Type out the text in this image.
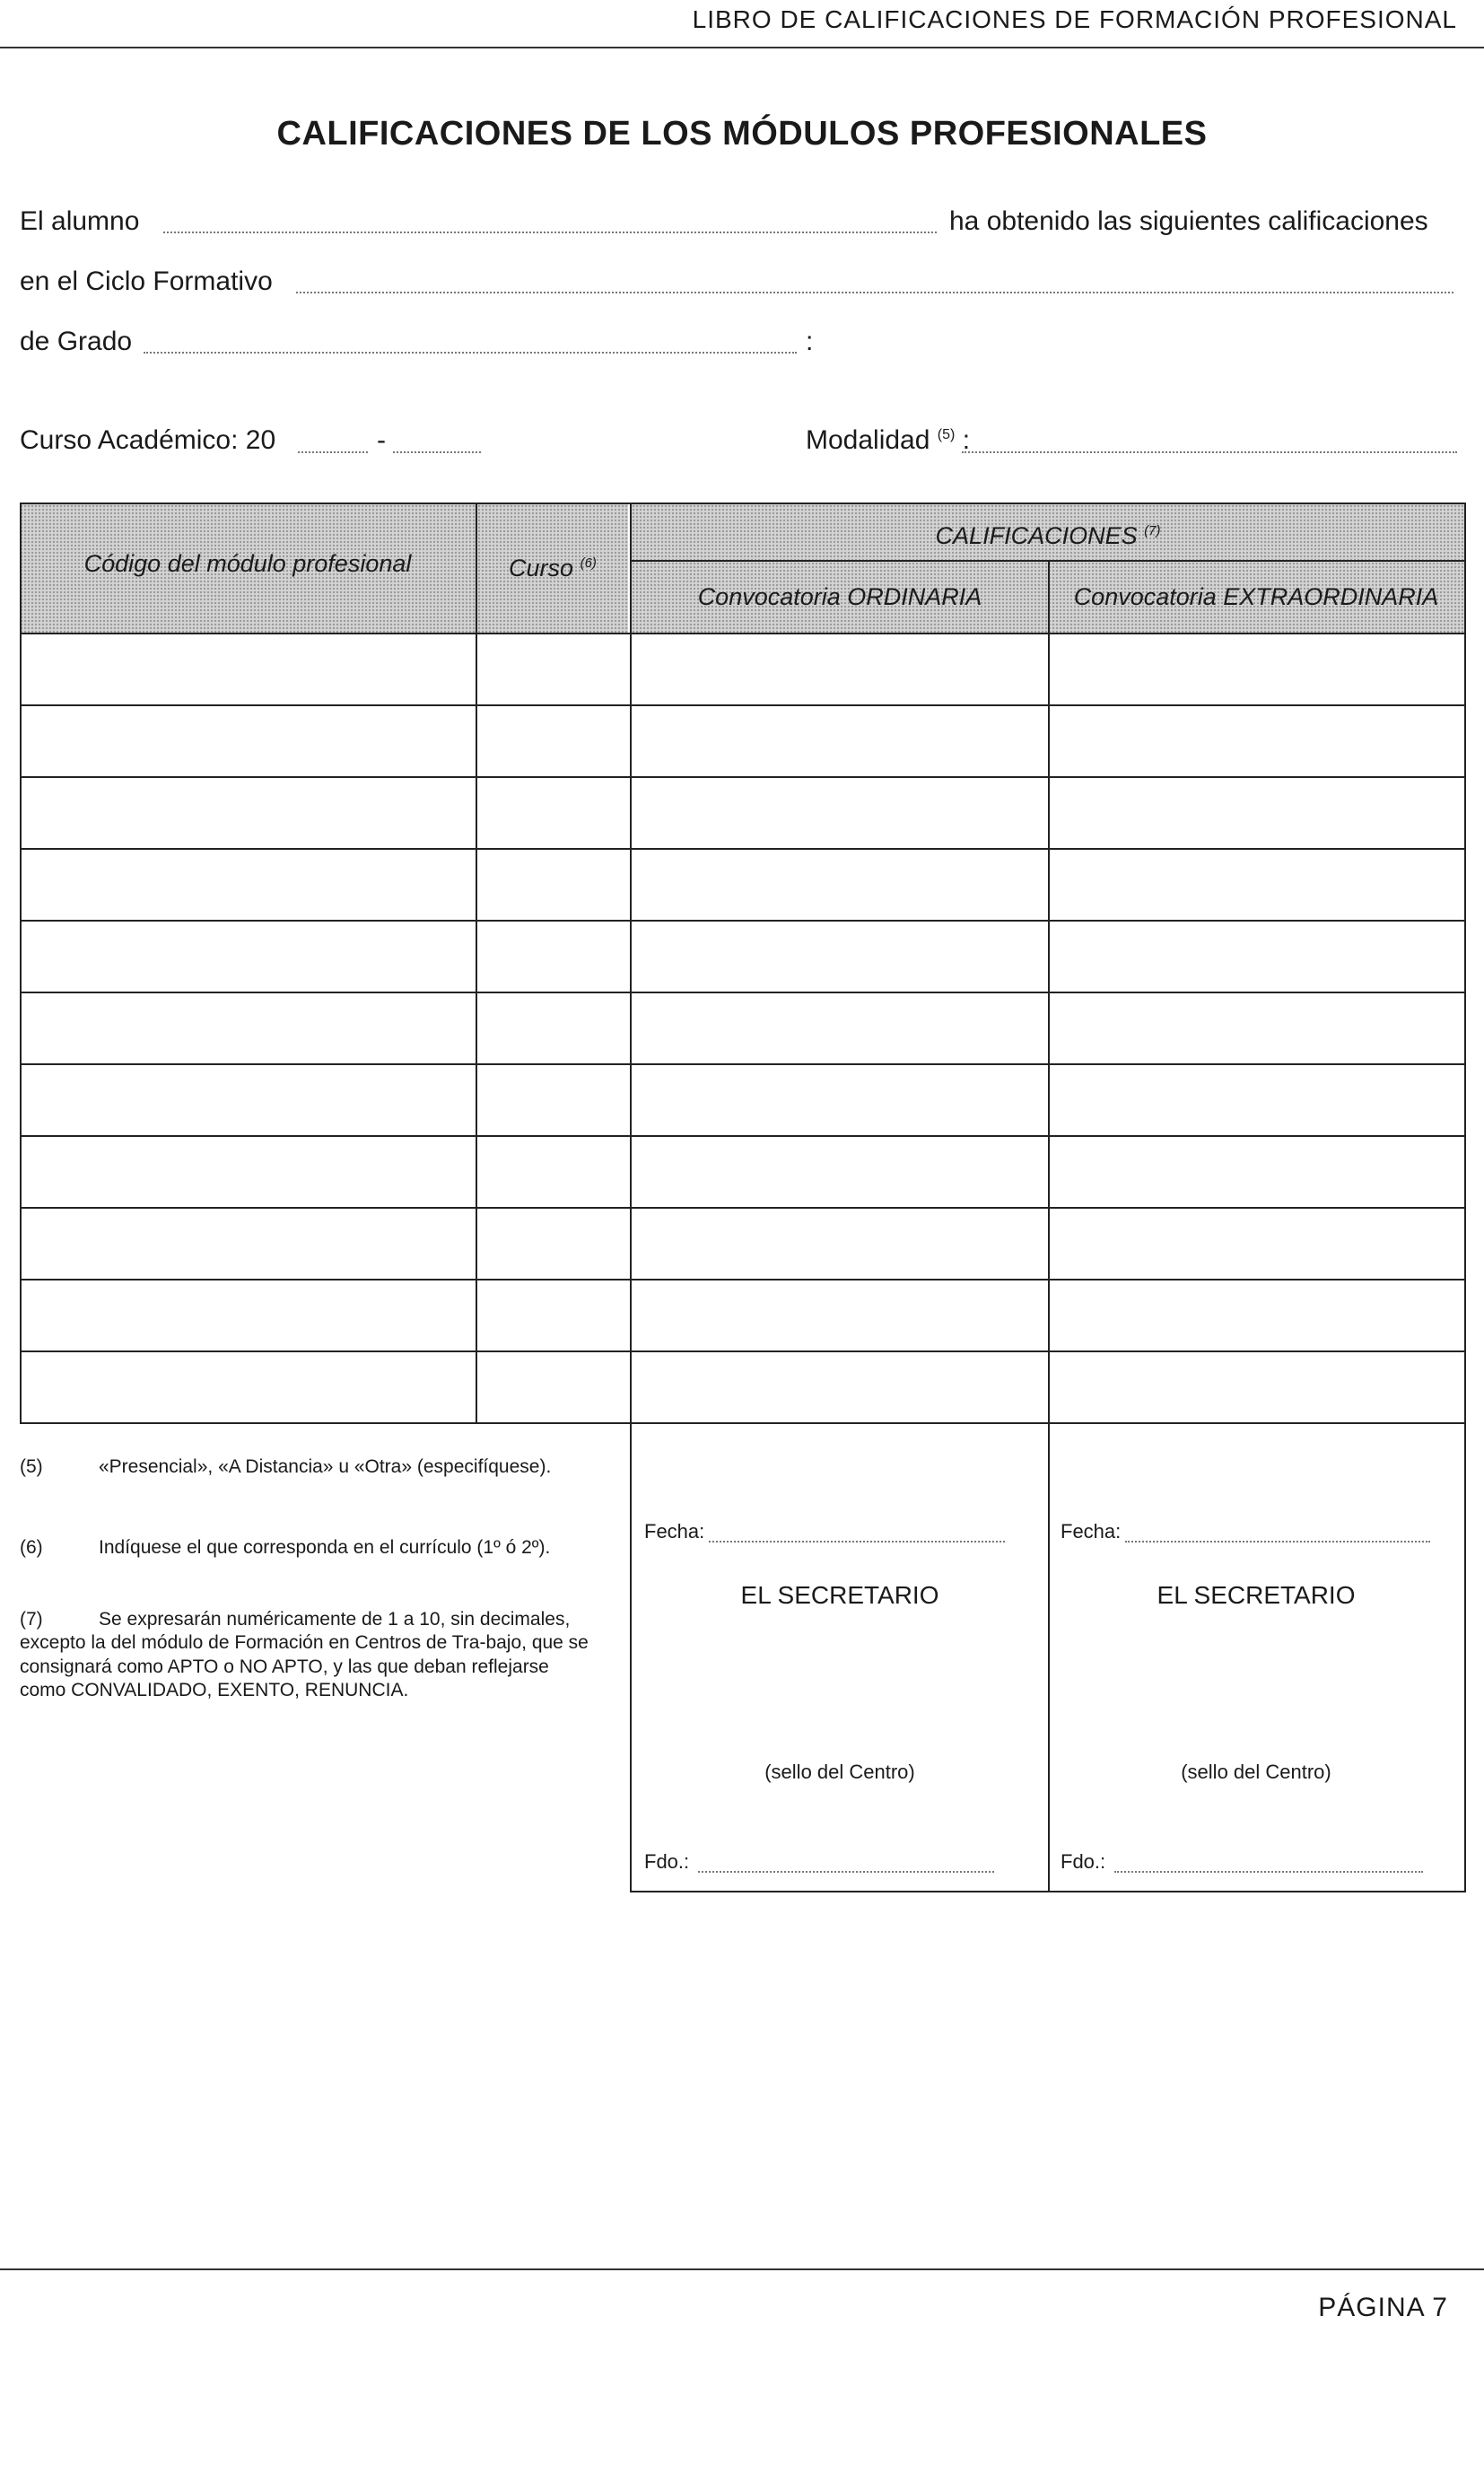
LIBRO DE CALIFICACIONES DE FORMACIÓN PROFESIONAL
CALIFICACIONES DE LOS MÓDULOS PROFESIONALES
El alumno	ha obtenido las siguientes calificaciones
en el Ciclo Formativo
de Grado	:
Curso Académico: 20	-	Modalidad $^{(5)}$ :
Código del módulo profesional	Curso $^{(6)}$
CALIFICACIONES $^{(7)}$
Convocatoria ORDINARIA	Convocatoria EXTRAORDINARIA
(5)	«Presencial», «A Distancia» u «Otra» (especifíquese).
(6)	Indíquese el que corresponda en el currículo (1º ó 2º).
(7)	Se expresarán numéricamente de 1 a 10, sin decimales, excepto la del módulo de Formación en Centros de Tra-bajo, que se consignará como APTO o NO APTO, y las que deban reflejarse como CONVALIDADO, EXENTO, RENUNCIA.
Fecha:
EL SECRETARIO
(sello del Centro)
Fdo.:
Fecha:
EL SECRETARIO
(sello del Centro)
Fdo.:
PÁGINA 7
